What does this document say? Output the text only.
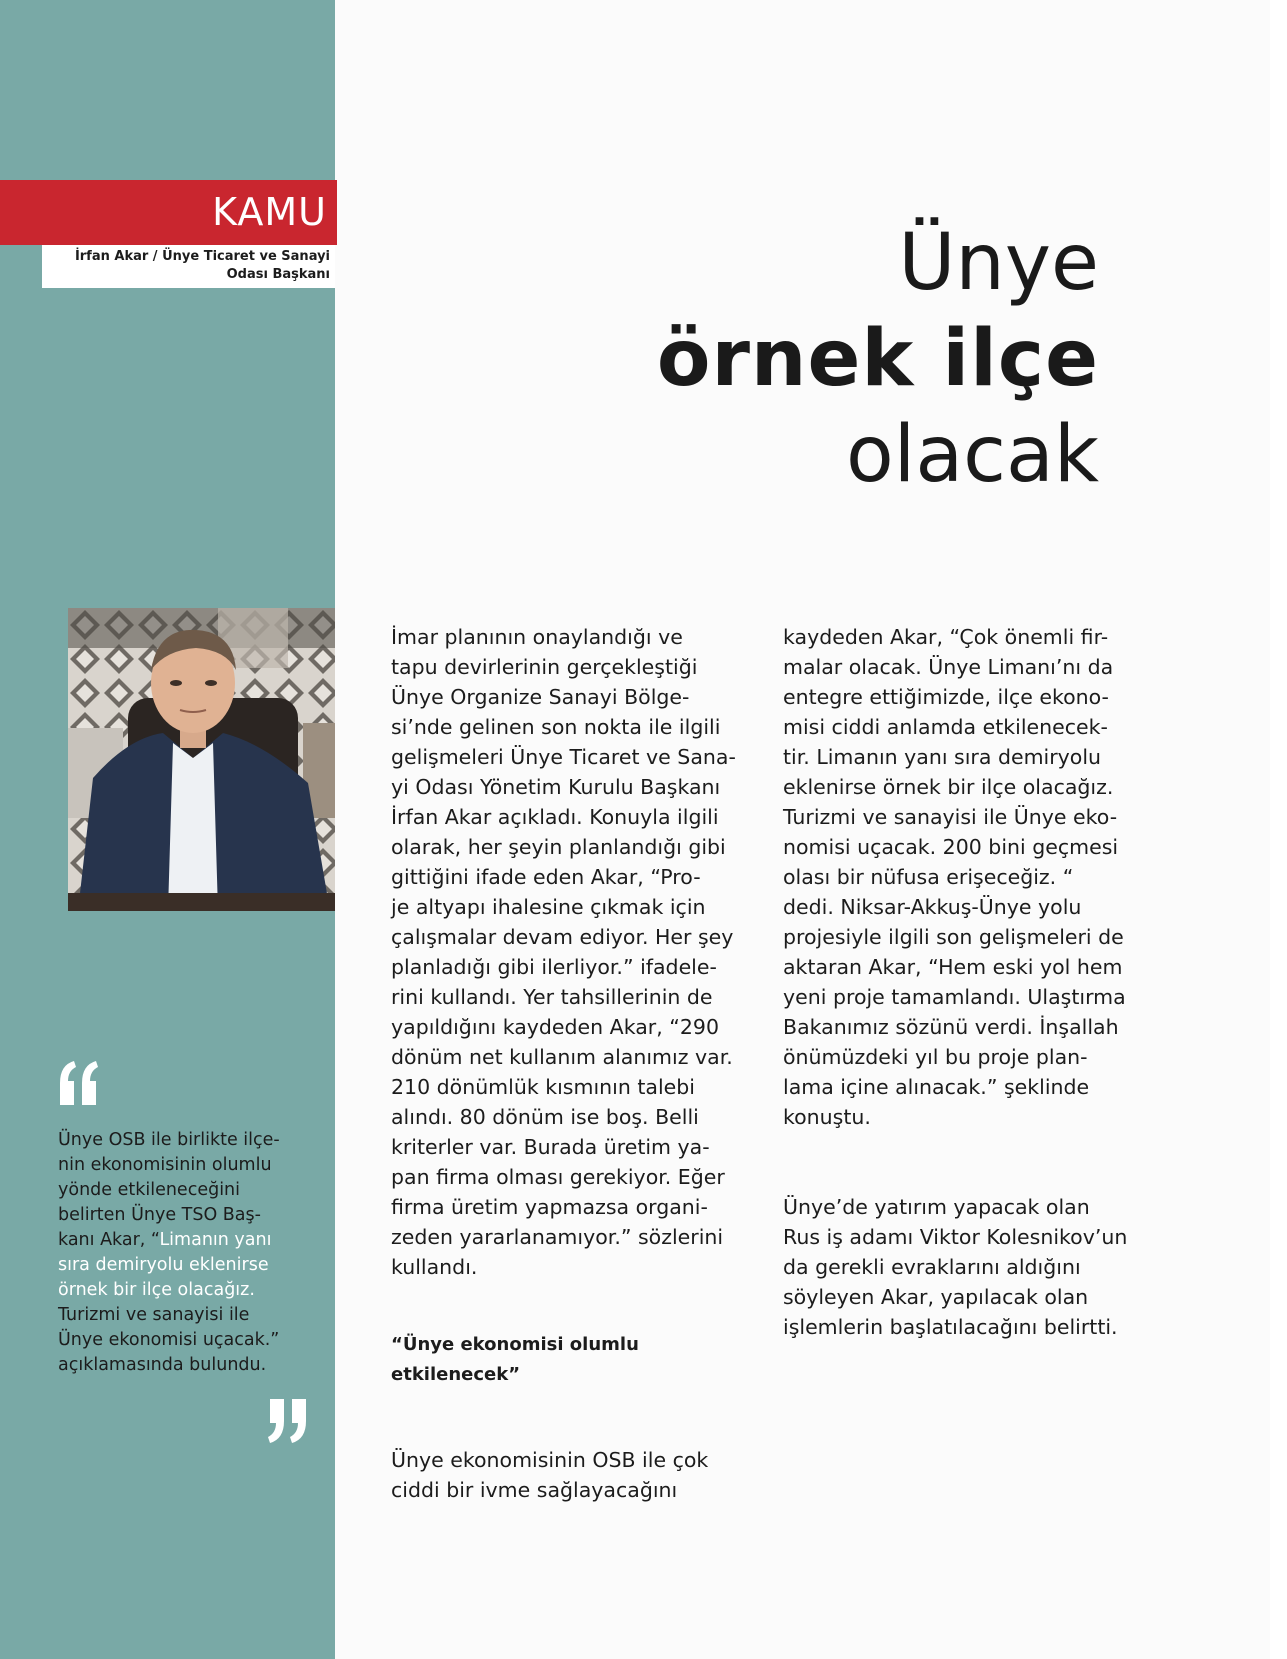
KAMU
İrfan Akar / Ünye Ticaret ve Sanayi
Odası Başkanı	Ünye
örnek ilçe
olacak
Ünye OSB ile birlikte ilçe-
nin ekonomisinin olumlu
yönde etkileneceğini
belirten Ünye TSO Baş-
kanı Akar, “Limanın yanı
sıra demiryolu eklenirse
örnek bir ilçe olacağız.
Turizmi ve sanayisi ile
Ünye ekonomisi uçacak.”
açıklamasında bulundu.

İmar planının onaylandığı ve
tapu devirlerinin gerçekleştiği
Ünye Organize Sanayi Bölge-
si’nde gelinen son nokta ile ilgili
gelişmeleri Ünye Ticaret ve Sana-
yi Odası Yönetim Kurulu Başkanı
İrfan Akar açıkladı. Konuyla ilgili
olarak, her şeyin planlandığı gibi
gittiğini ifade eden Akar, “Pro-
je altyapı ihalesine çıkmak için
çalışmalar devam ediyor. Her şey
planladığı gibi ilerliyor.” ifadele-
rini kullandı. Yer tahsillerinin de
yapıldığını kaydeden Akar, “290
dönüm net kullanım alanımız var.
210 dönümlük kısmının talebi
alındı. 80 dönüm ise boş. Belli
kriterler var. Burada üretim ya-
pan firma olması gerekiyor. Eğer
firma üretim yapmazsa organi-
zeden yararlanamıyor.” sözlerini
kullandı.

“Ünye ekonomisi olumlu
etkilenecek”

Ünye ekonomisinin OSB ile çok
ciddi bir ivme sağlayacağını

kaydeden Akar, “Çok önemli fir-
malar olacak. Ünye Limanı’nı da
entegre ettiğimizde, ilçe ekono-
misi ciddi anlamda etkilenecek-
tir. Limanın yanı sıra demiryolu
eklenirse örnek bir ilçe olacağız.
Turizmi ve sanayisi ile Ünye eko-
nomisi uçacak. 200 bini geçmesi
olası bir nüfusa erişeceğiz. “
dedi. Niksar-Akkuş-Ünye yolu
projesiyle ilgili son gelişmeleri de
aktaran Akar, “Hem eski yol hem
yeni proje tamamlandı. Ulaştırma
Bakanımız sözünü verdi. İnşallah
önümüzdeki yıl bu proje plan-
lama içine alınacak.” şeklinde
konuştu.

Ünye’de yatırım yapacak olan
Rus iş adamı Viktor Kolesnikov’un
da gerekli evraklarını aldığını
söyleyen Akar, yapılacak olan
işlemlerin başlatılacağını belirtti.
